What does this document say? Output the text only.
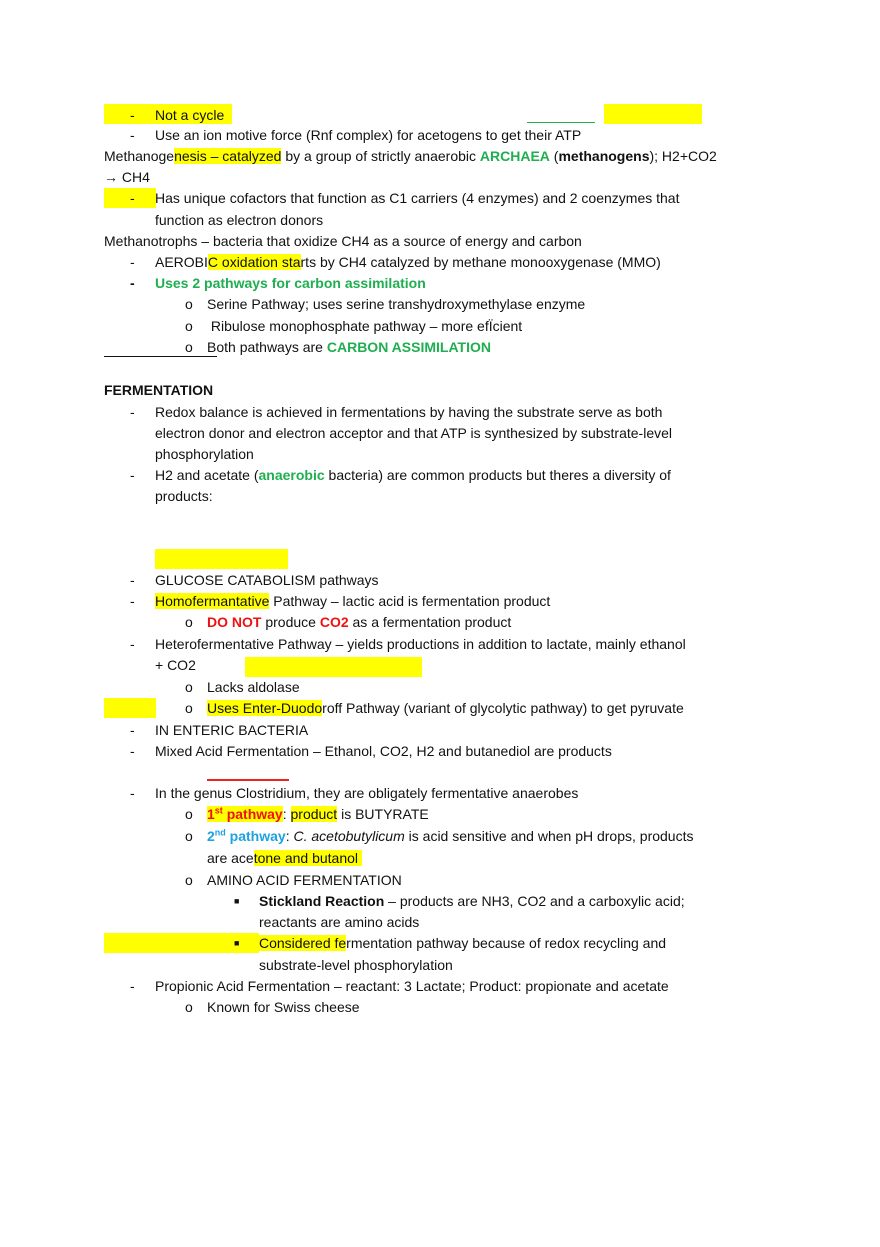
-
-
-
-
-
o
o
o
-
-
-
-
o
-
o
o
-
-
-
o
o
o
■
■
-
o
Not a cycle
Use an ion motive force (Rnf complex) for acetogens to get their ATP
Methanogenesis – catalyzed by a group of strictly anaerobic ARCHAEA (methanogens); H2+CO2
→ CH4
Has unique cofactors that function as C1 carriers (4 enzymes) and 2 coenzymes that
function as electron donors
Methanotrophs – bacteria that oxidize CH4 as a source of energy and carbon
AEROBIC oxidation starts by CH4 catalyzed by methane monooxygenase (MMO)
Uses 2 pathways for carbon assimilation
Serine Pathway; uses serine transhydroxymethylase enzyme
Ribulose monophosphate pathway – more efÏcient
Both pathways are CARBON ASSIMILATION
FERMENTATION
Redox balance is achieved in fermentations by having the substrate serve as both
electron donor and electron acceptor and that ATP is synthesized by substrate-level
phosphorylation
H2 and acetate (anaerobic bacteria) are common products but theres a diversity of
products:
GLUCOSE CATABOLISM pathways
Homofermantative Pathway – lactic acid is fermentation product
DO NOT produce CO2 as a fermentation product
Heterofermentative Pathway – yields productions in addition to lactate, mainly ethanol
+ CO2
Lacks aldolase
Uses Enter-Duodoroff Pathway (variant of glycolytic pathway) to get pyruvate
IN ENTERIC BACTERIA
Mixed Acid Fermentation – Ethanol, CO2, H2 and butanediol are products
In the genus Clostridium, they are obligately fermentative anaerobes
1st pathway: product is BUTYRATE
2nd pathway: C. acetobutylicum is acid sensitive and when pH drops, products
are acetone and butanol
AMINO ACID FERMENTATION
Stickland Reaction – products are NH3, CO2 and a carboxylic acid;
reactants are amino acids
Considered fermentation pathway because of redox recycling and
substrate-level phosphorylation
Propionic Acid Fermentation – reactant: 3 Lactate; Product: propionate and acetate
Known for Swiss cheese
